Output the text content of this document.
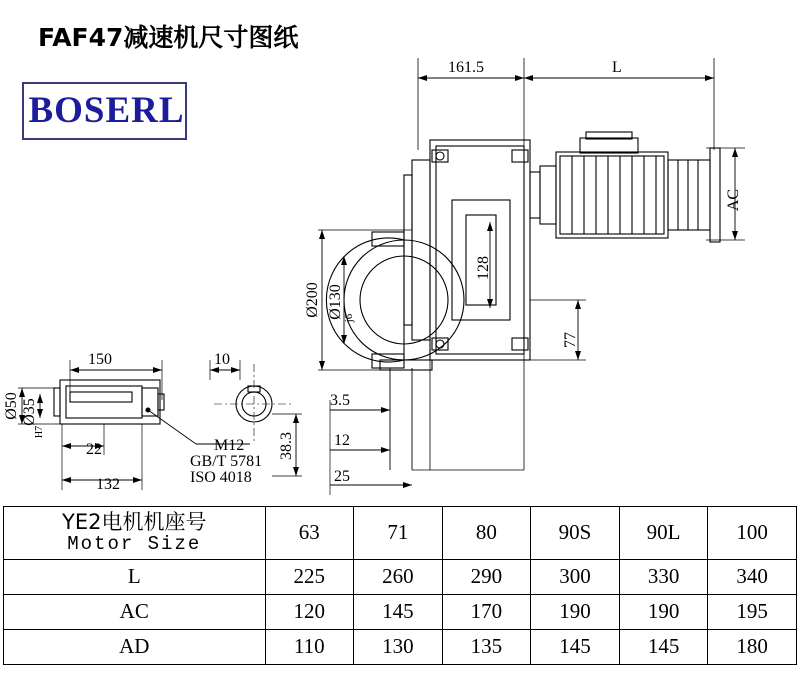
FAF47减速机尺寸图纸
BOSERL
161.5	L
AC
128
Ø200 Ø130 j6
77
3.5
12
25
150	10
22
132
Ø50 Ø35
H7	38.3
M12
GB/T 5781
ISO 4018
YE2电机机座号
Motor Size	63	71	80	90S	90L	100
L	225	260	290	300	330	340
AC	120	145	170	190	190	195
AD	110	130	135	145	145	180
